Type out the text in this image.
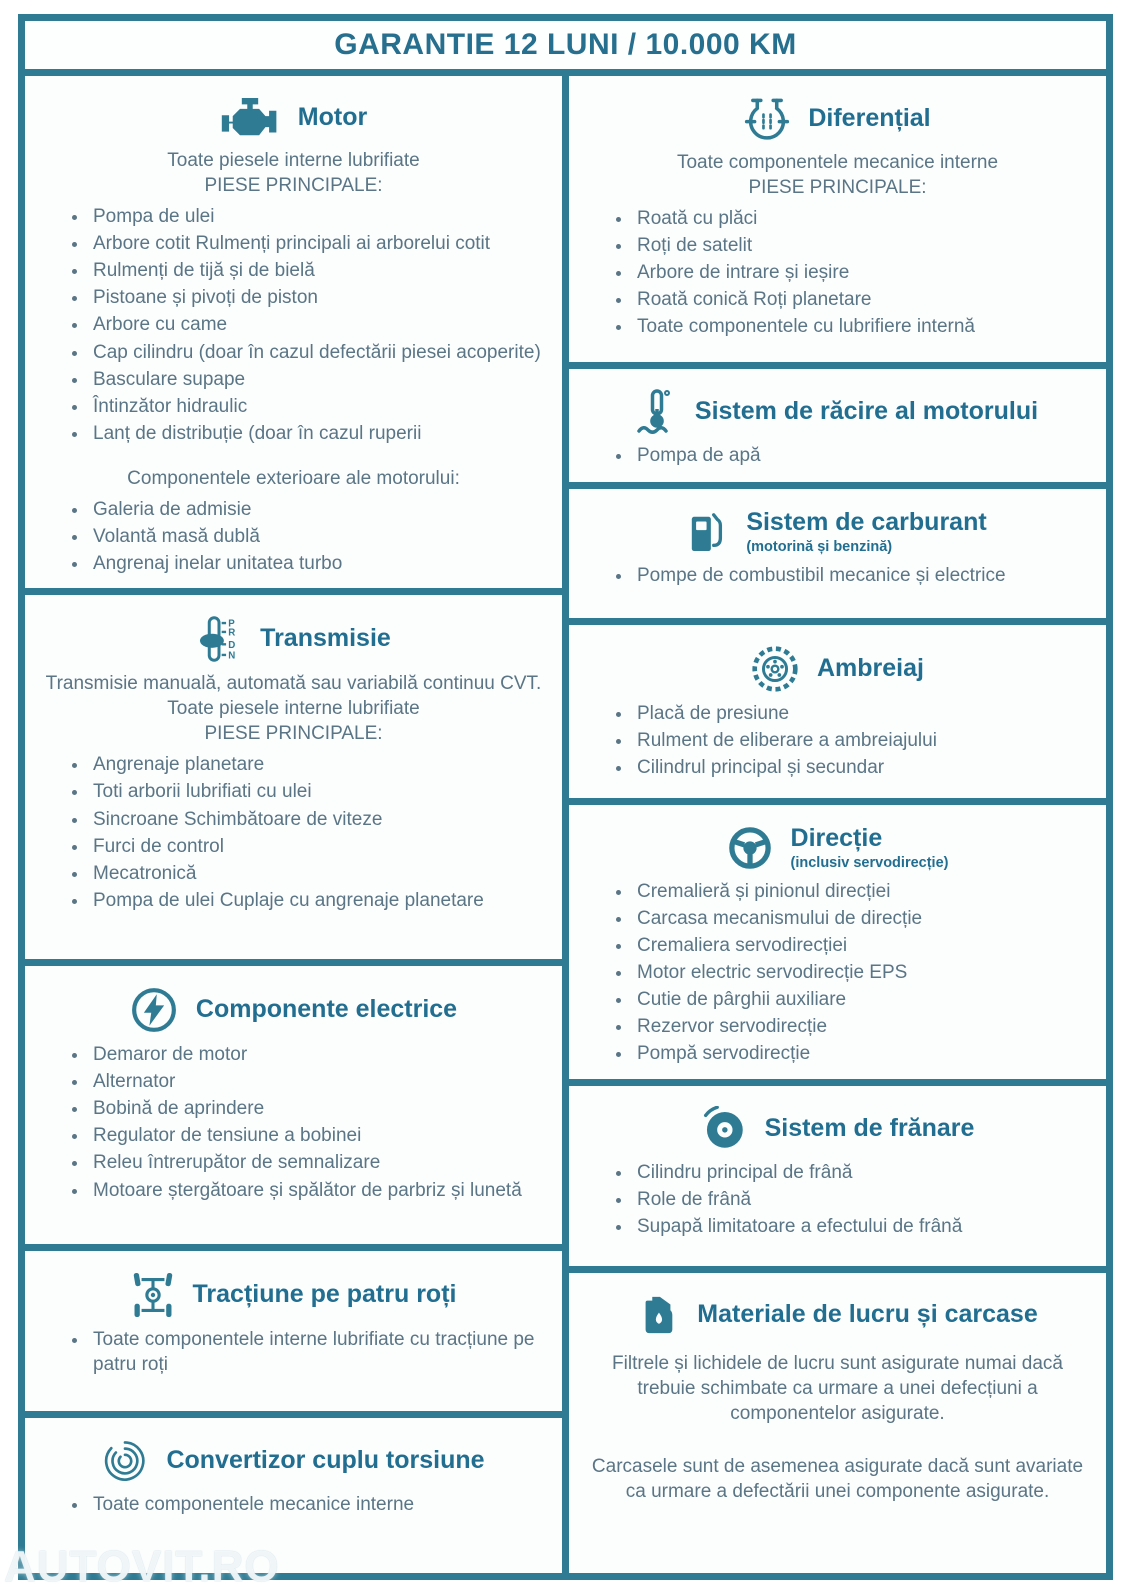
GARANTIE 12 LUNI / 10.000 KM
Motor
Toate piesele interne lubrifiate
PIESE PRINCIPALE:
• Pompa de ulei
• Arbore cotit Rulmenți principali ai arborelui cotit
• Rulmenți de tijă și de bielă
• Pistoane și pivoți de piston
• Arbore cu came
• Cap cilindru (doar în cazul defectării piesei acoperite)
• Basculare supape
• Întinzător hidraulic
• Lanț de distribuție (doar în cazul ruperii
Componentele exterioare ale motorului:
• Galeria de admisie
• Volantă masă dublă
• Angrenaj inelar unitatea turbo
P
R
D
N
Transmisie
Transmisie manuală, automată sau variabilă continuu CVT.
Toate piesele interne lubrifiate
PIESE PRINCIPALE:
• Angrenaje planetare
• Toti arborii lubrifiati cu ulei
• Sincroane Schimbătoare de viteze
• Furci de control
• Mecatronică
• Pompa de ulei Cuplaje cu angrenaje planetare
Componente electrice
• Demaror de motor
• Alternator
• Bobină de aprindere
• Regulator de tensiune a bobinei
• Releu întrerupător de semnalizare
• Motoare ștergătoare și spălător de parbriz și lunetă
Tracțiune pe patru roți
• Toate componentele interne lubrifiate cu tracțiune pe patru roți
Convertizor cuplu torsiune
• Toate componentele mecanice interne
Diferențial
Toate componentele mecanice interne
PIESE PRINCIPALE:
• Roată cu plăci
• Roți de satelit
• Arbore de intrare și ieșire
• Roată conică Roți planetare
• Toate componentele cu lubrifiere internă
Sistem de răcire al motorului
• Pompa de apă
Sistem de carburant
(motorină și benzină)
• Pompe de combustibil mecanice și electrice
Ambreiaj
• Placă de presiune
• Rulment de eliberare a ambreiajului
• Cilindrul principal și secundar
Direcție
(inclusiv servodirecție)
• Cremalieră și pinionul direcției
• Carcasa mecanismului de direcție
• Cremaliera servodirecției
• Motor electric servodirecție EPS
• Cutie de pârghii auxiliare
• Rezervor servodirecție
• Pompă servodirecție
Sistem de frănare
• Cilindru principal de frână
• Role de frână
• Supapă limitatoare a efectului de frână
Materiale de lucru și carcase
Filtrele și lichidele de lucru sunt asigurate numai dacă trebuie schimbate ca urmare a unei defecțiuni a componentelor asigurate.
Carcasele sunt de asemenea asigurate dacă sunt avariate ca urmare a defectării unei componente asigurate.
AUTOVIT.RO
